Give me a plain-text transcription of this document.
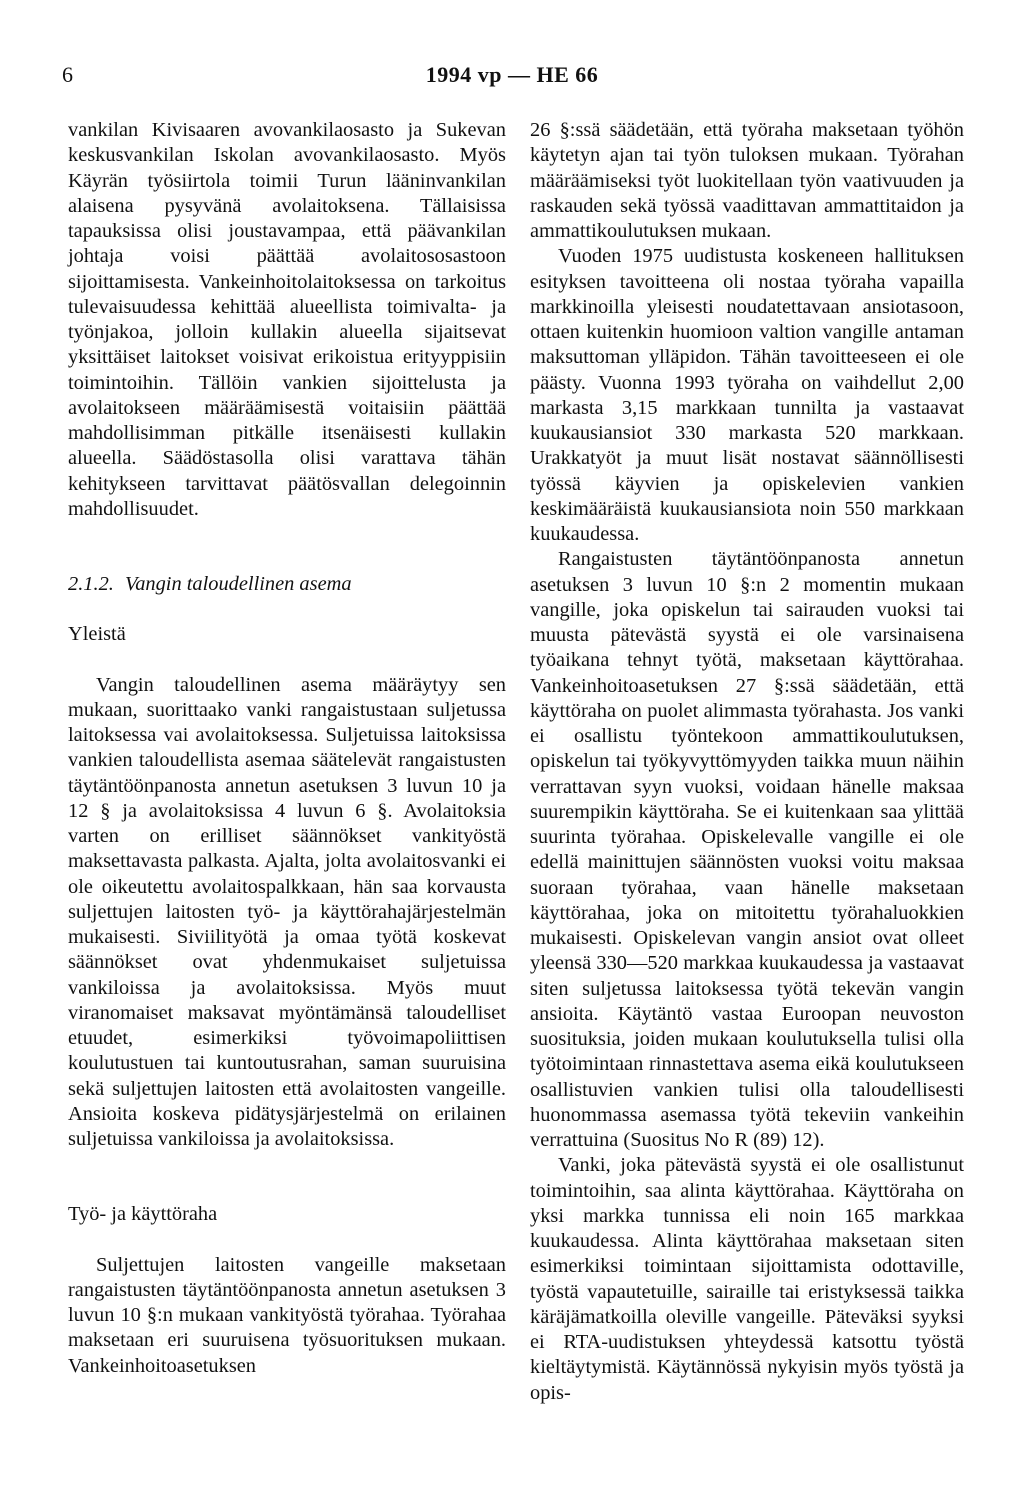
6	1994 vp — HE 66

vankilan Kivisaaren avovankilaosasto ja Sukevan keskusvankilan Iskolan avovankilaosasto. Myös Käyrän työsiirtola toimii Turun lääninvankilan alaisena pysyvänä avolaitoksena. Tällaisissa tapauksissa olisi joustavampaa, että päävankilan johtaja voisi päättää avolaitososastoon sijoittamisesta. Vankeinhoitolaitoksessa on tarkoitus tulevaisuudessa kehittää alueellista toimivalta- ja työnjakoa, jolloin kullakin alueella sijaitsevat yksittäiset laitokset voisivat erikoistua erityyppisiin toimintoihin. Tällöin vankien sijoittelusta ja avolaitokseen määräämisestä voitaisiin päättää mahdollisimman pitkälle itsenäisesti kullakin alueella. Säädöstasolla olisi varattava tähän kehitykseen tarvittavat päätösvallan delegoinnin mahdollisuudet.

2.1.2. Vangin taloudellinen asema
Yleistä

Vangin taloudellinen asema määräytyy sen mukaan, suorittaako vanki rangaistustaan suljetussa laitoksessa vai avolaitoksessa. Suljetuissa laitoksissa vankien taloudellista asemaa säätelevät rangaistusten täytäntöönpanosta annetun asetuksen 3 luvun 10 ja 12 § ja avolaitoksissa 4 luvun 6 §. Avolaitoksia varten on erilliset säännökset vankityöstä maksettavasta palkasta. Ajalta, jolta avolaitosvanki ei ole oikeutettu avolaitospalkkaan, hän saa korvausta suljettujen laitosten työ- ja käyttörahajärjestelmän mukaisesti. Siviilityötä ja omaa työtä koskevat säännökset ovat yhdenmukaiset suljetuissa vankiloissa ja avolaitoksissa. Myös muut viranomaiset maksavat myöntämänsä taloudelliset etuudet, esimerkiksi työvoimapoliittisen koulutustuen tai kuntoutusrahan, saman suuruisina sekä suljettujen laitosten että avolaitosten vangeille. Ansioita koskeva pidätysjärjestelmä on erilainen suljetuissa vankiloissa ja avolaitoksissa.

Työ- ja käyttöraha

Suljettujen laitosten vangeille maksetaan rangaistusten täytäntöönpanosta annetun asetuksen 3 luvun 10 §:n mukaan vankityöstä työrahaa. Työrahaa maksetaan eri suuruisena työsuorituksen mukaan. Vankeinhoitoasetuksen

26 §:ssä säädetään, että työraha maksetaan työhön käytetyn ajan tai työn tuloksen mukaan. Työrahan määräämiseksi työt luokitellaan työn vaativuuden ja raskauden sekä työssä vaadittavan ammattitaidon ja ammattikoulutuksen mukaan.

Vuoden 1975 uudistusta koskeneen hallituksen esityksen tavoitteena oli nostaa työraha vapailla markkinoilla yleisesti noudatettavaan ansiotasoon, ottaen kuitenkin huomioon valtion vangille antaman maksuttoman ylläpidon. Tähän tavoitteeseen ei ole päästy. Vuonna 1993 työraha on vaihdellut 2,00 markasta 3,15 markkaan tunnilta ja vastaavat kuukausiansiot 330 markasta 520 markkaan. Urakkatyöt ja muut lisät nostavat säännöllisesti työssä käyvien ja opiskelevien vankien keskimääräistä kuukausiansiota noin 550 markkaan kuukaudessa.

Rangaistusten täytäntöönpanosta annetun asetuksen 3 luvun 10 §:n 2 momentin mukaan vangille, joka opiskelun tai sairauden vuoksi tai muusta pätevästä syystä ei ole varsinaisena työaikana tehnyt työtä, maksetaan käyttörahaa. Vankeinhoitoasetuksen 27 §:ssä säädetään, että käyttöraha on puolet alimmasta työrahasta. Jos vanki ei osallistu työntekoon ammattikoulutuksen, opiskelun tai työkyvyttömyyden taikka muun näihin verrattavan syyn vuoksi, voidaan hänelle maksaa suurempikin käyttöraha. Se ei kuitenkaan saa ylittää suurinta työrahaa. Opiskelevalle vangille ei ole edellä mainittujen säännösten vuoksi voitu maksaa suoraan työrahaa, vaan hänelle maksetaan käyttörahaa, joka on mitoitettu työrahaluokkien mukaisesti. Opiskelevan vangin ansiot ovat olleet yleensä 330—520 markkaa kuukaudessa ja vastaavat siten suljetussa laitoksessa työtä tekevän vangin ansioita. Käytäntö vastaa Euroopan neuvoston suosituksia, joiden mukaan koulutuksella tulisi olla työtoimintaan rinnastettava asema eikä koulutukseen osallistuvien vankien tulisi olla taloudellisesti huonommassa asemassa työtä tekeviin vankeihin verrattuina (Suositus No R (89) 12).

Vanki, joka pätevästä syystä ei ole osallistunut toimintoihin, saa alinta käyttörahaa. Käyttöraha on yksi markka tunnissa eli noin 165 markkaa kuukaudessa. Alinta käyttörahaa maksetaan siten esimerkiksi toimintaan sijoittamista odottaville, työstä vapautetuille, sairaille tai eristyksessä taikka käräjämatkoilla oleville vangeille. Päteväksi syyksi ei RTA-uudistuksen yhteydessä katsottu työstä kieltäytymistä. Käytännössä nykyisin myös työstä ja opis-
